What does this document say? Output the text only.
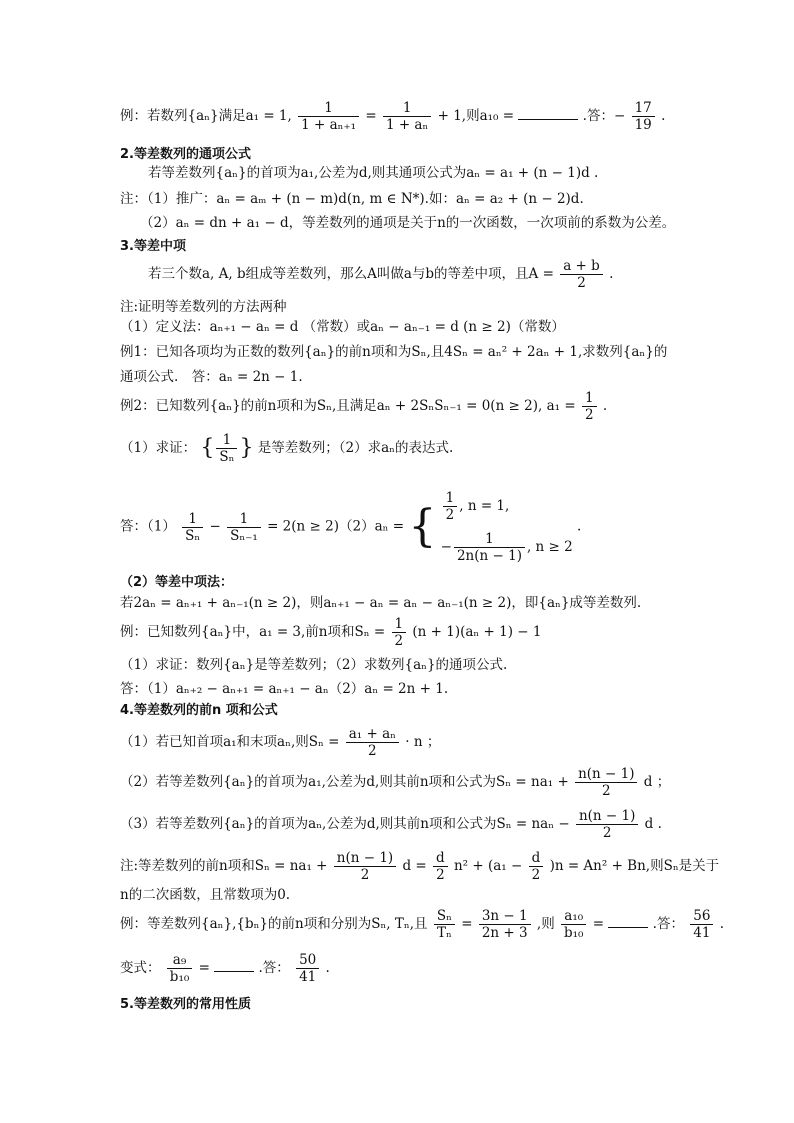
例：若数列{aₙ}满足a₁ = 1, $\frac{1}{\text{1 + aₙ₊₁}} = \frac{1}{\text{1 + aₙ}} + 1$,则a₁₀ =	.答：− $\frac{17}{19}$ .
2.等差数列的通项公式
若等差数列{aₙ}的首项为a₁,公差为d,则其通项公式为aₙ = a₁ + (n − 1)d .
注：（1）推广：aₙ = aₘ + (n − m)d(n, m ∈ N*).如：aₙ = a₂ + (n − 2)d.
（2）aₙ = dn + a₁ − d，等差数列的通项是关于n的一次函数，一次项前的系数为公差。
3.等差中项
若三个数a, A, b组成等差数列，那么A叫做a与b的等差中项，且$A = \frac{a + b}{2}$ .
注:证明等差数列的方法两种
（1）定义法：aₙ₊₁ − aₙ = d （常数）或aₙ − aₙ₋₁ = d (n ≥ 2)（常数）
例1：已知各项均为正数的数列{aₙ}的前n项和为Sₙ,且4Sₙ = aₙ² + 2aₙ + 1,求数列{aₙ}的
通项公式.　答：aₙ = 2n − 1.
例2：已知数列{aₙ}的前n项和为Sₙ,且满足aₙ + 2SₙSₙ₋₁ = 0(n ≥ 2), $a_1 = \frac{1}{2}$ .
（1）求证： { $\frac{1}{\text{Sₙ}}$ } 是等差数列；（2）求aₙ的表达式.
答：$(1) \frac{1}{\text{Sₙ}} - \frac{1}{\text{Sₙ₋₁}} = 2(n \ge 2)(2)a_n$ = { $\frac{1}{2}$ , n = 1,
− $\frac{1}{2n(n - 1)}$ , n ≥ 2
.
（2）等差中项法：
若2aₙ = aₙ₊₁ + aₙ₋₁(n ≥ 2)，则aₙ₊₁ − aₙ = aₙ − aₙ₋₁(n ≥ 2)，即{aₙ}成等差数列.
例：已知数列{aₙ}中，a₁ = 3,前n项和$S_n = \frac{1}{2} (n + 1)(a_n + 1) - 1$
（1）求证：数列{aₙ}是等差数列；（2）求数列{aₙ}的通项公式.
答：（1）aₙ₊₂ − aₙ₊₁ = aₙ₊₁ − aₙ（2）aₙ = 2n + 1.
4.等差数列的前n 项和公式
（1）若已知首项a₁和末项aₙ,则$S_n = \frac{\text{a₁ + aₙ}}{2} \cdot n$ ；
（2）若等差数列{aₙ}的首项为a₁,公差为d,则其前n项和公式为$S_n = na_1 + \frac{n(n - 1)}{2}$ d ；
（3）若等差数列{aₙ}的首项为aₙ,公差为d,则其前n项和公式为$S_n = na_n - \frac{n(n - 1)}{2}$ d .
注:等差数列的前n项和$S_n = na_1 + \frac{n(n - 1)}{2}$ $d = \frac{d}{2} n^2 + (a_1 - \frac{d}{2} )n = An^2 + Bn$,则Sₙ是关于
n的二次函数，且常数项为0.
例：等差数列{aₙ},{bₙ}的前n项和分别为Sₙ, Tₙ,且 $\frac{\text{Sₙ}}{\text{Tₙ}} = \frac{3n - 1}{2n + 3}$ ,则 $\frac{\text{a₁₀}}{\text{b₁₀}}$ =	.答： $\frac{56}{41}$ .
变式： $\frac{\text{a₉}}{\text{b₁₀}}$ =	.答： $\frac{50}{41}$ .
5.等差数列的常用性质
